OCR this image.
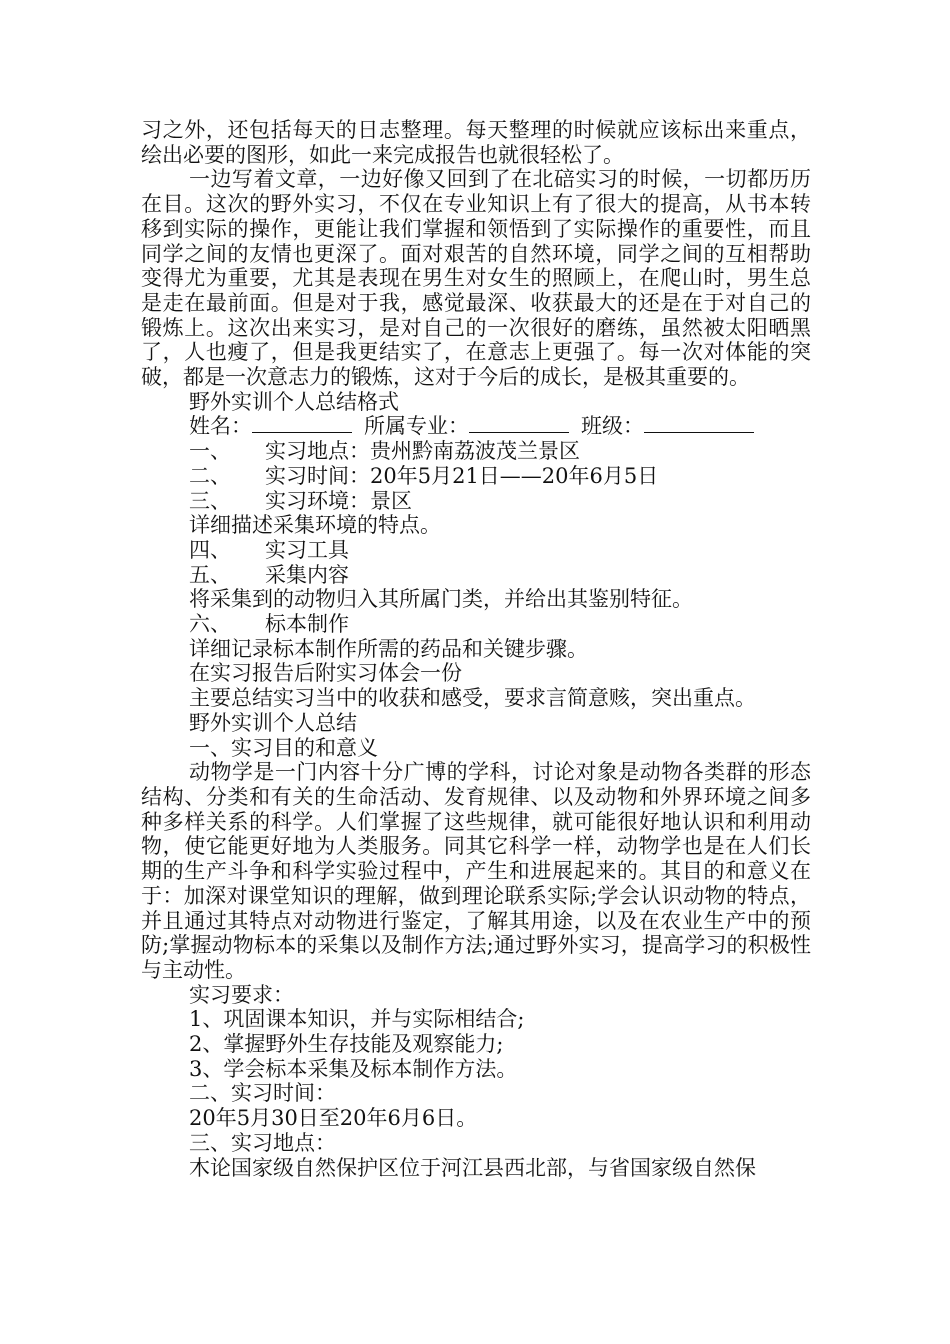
习之外，还包括每天的日志整理。每天整理的时候就应该标出来重点，绘出必要的图形，如此一来完成报告也就很轻松了。

一边写着文章，一边好像又回到了在北碚实习的时候，一切都历历在目。这次的野外实习，不仅在专业知识上有了很大的提高，从书本转移到实际的操作，更能让我们掌握和领悟到了实际操作的重要性，而且同学之间的友情也更深了。面对艰苦的自然环境，同学之间的互相帮助变得尤为重要，尤其是表现在男生对女生的照顾上，在爬山时，男生总是走在最前面。但是对于我，感觉最深、收获最大的还是在于对自己的锻炼上。这次出来实习，是对自己的一次很好的磨练，虽然被太阳晒黑了，人也瘦了，但是我更结实了，在意志上更强了。每一次对体能的突破，都是一次意志力的锻炼，这对于今后的成长，是极其重要的。

野外实训个人总结格式

姓名：	所属专业：	班级：

一、 实习地点：贵州黔南荔波茂兰景区

二、 实习时间：20年5月21日——20年6月5日

三、 实习环境：景区

详细描述采集环境的特点。

四、 实习工具

五、 采集内容

将采集到的动物归入其所属门类，并给出其鉴别特征。

六、 标本制作

详细记录标本制作所需的药品和关键步骤。

在实习报告后附实习体会一份

主要总结实习当中的收获和感受，要求言简意赅，突出重点。

野外实训个人总结

一、实习目的和意义

动物学是一门内容十分广博的学科，讨论对象是动物各类群的形态结构、分类和有关的生命活动、发育规律、以及动物和外界环境之间多种多样关系的科学。人们掌握了这些规律，就可能很好地认识和利用动物，使它能更好地为人类服务。同其它科学一样，动物学也是在人们长期的生产斗争和科学实验过程中，产生和进展起来的。其目的和意义在于：加深对课堂知识的理解，做到理论联系实际;学会认识动物的特点，并且通过其特点对动物进行鉴定，了解其用途，以及在农业生产中的预防;掌握动物标本的采集以及制作方法;通过野外实习，提高学习的积极性与主动性。

实习要求：

1、巩固课本知识，并与实际相结合;

2、掌握野外生存技能及观察能力;

3、学会标本采集及标本制作方法。

二、实习时间：

20年5月30日至20年6月6日。

三、实习地点：

木论国家级自然保护区位于河江县西北部，与省国家级自然保
